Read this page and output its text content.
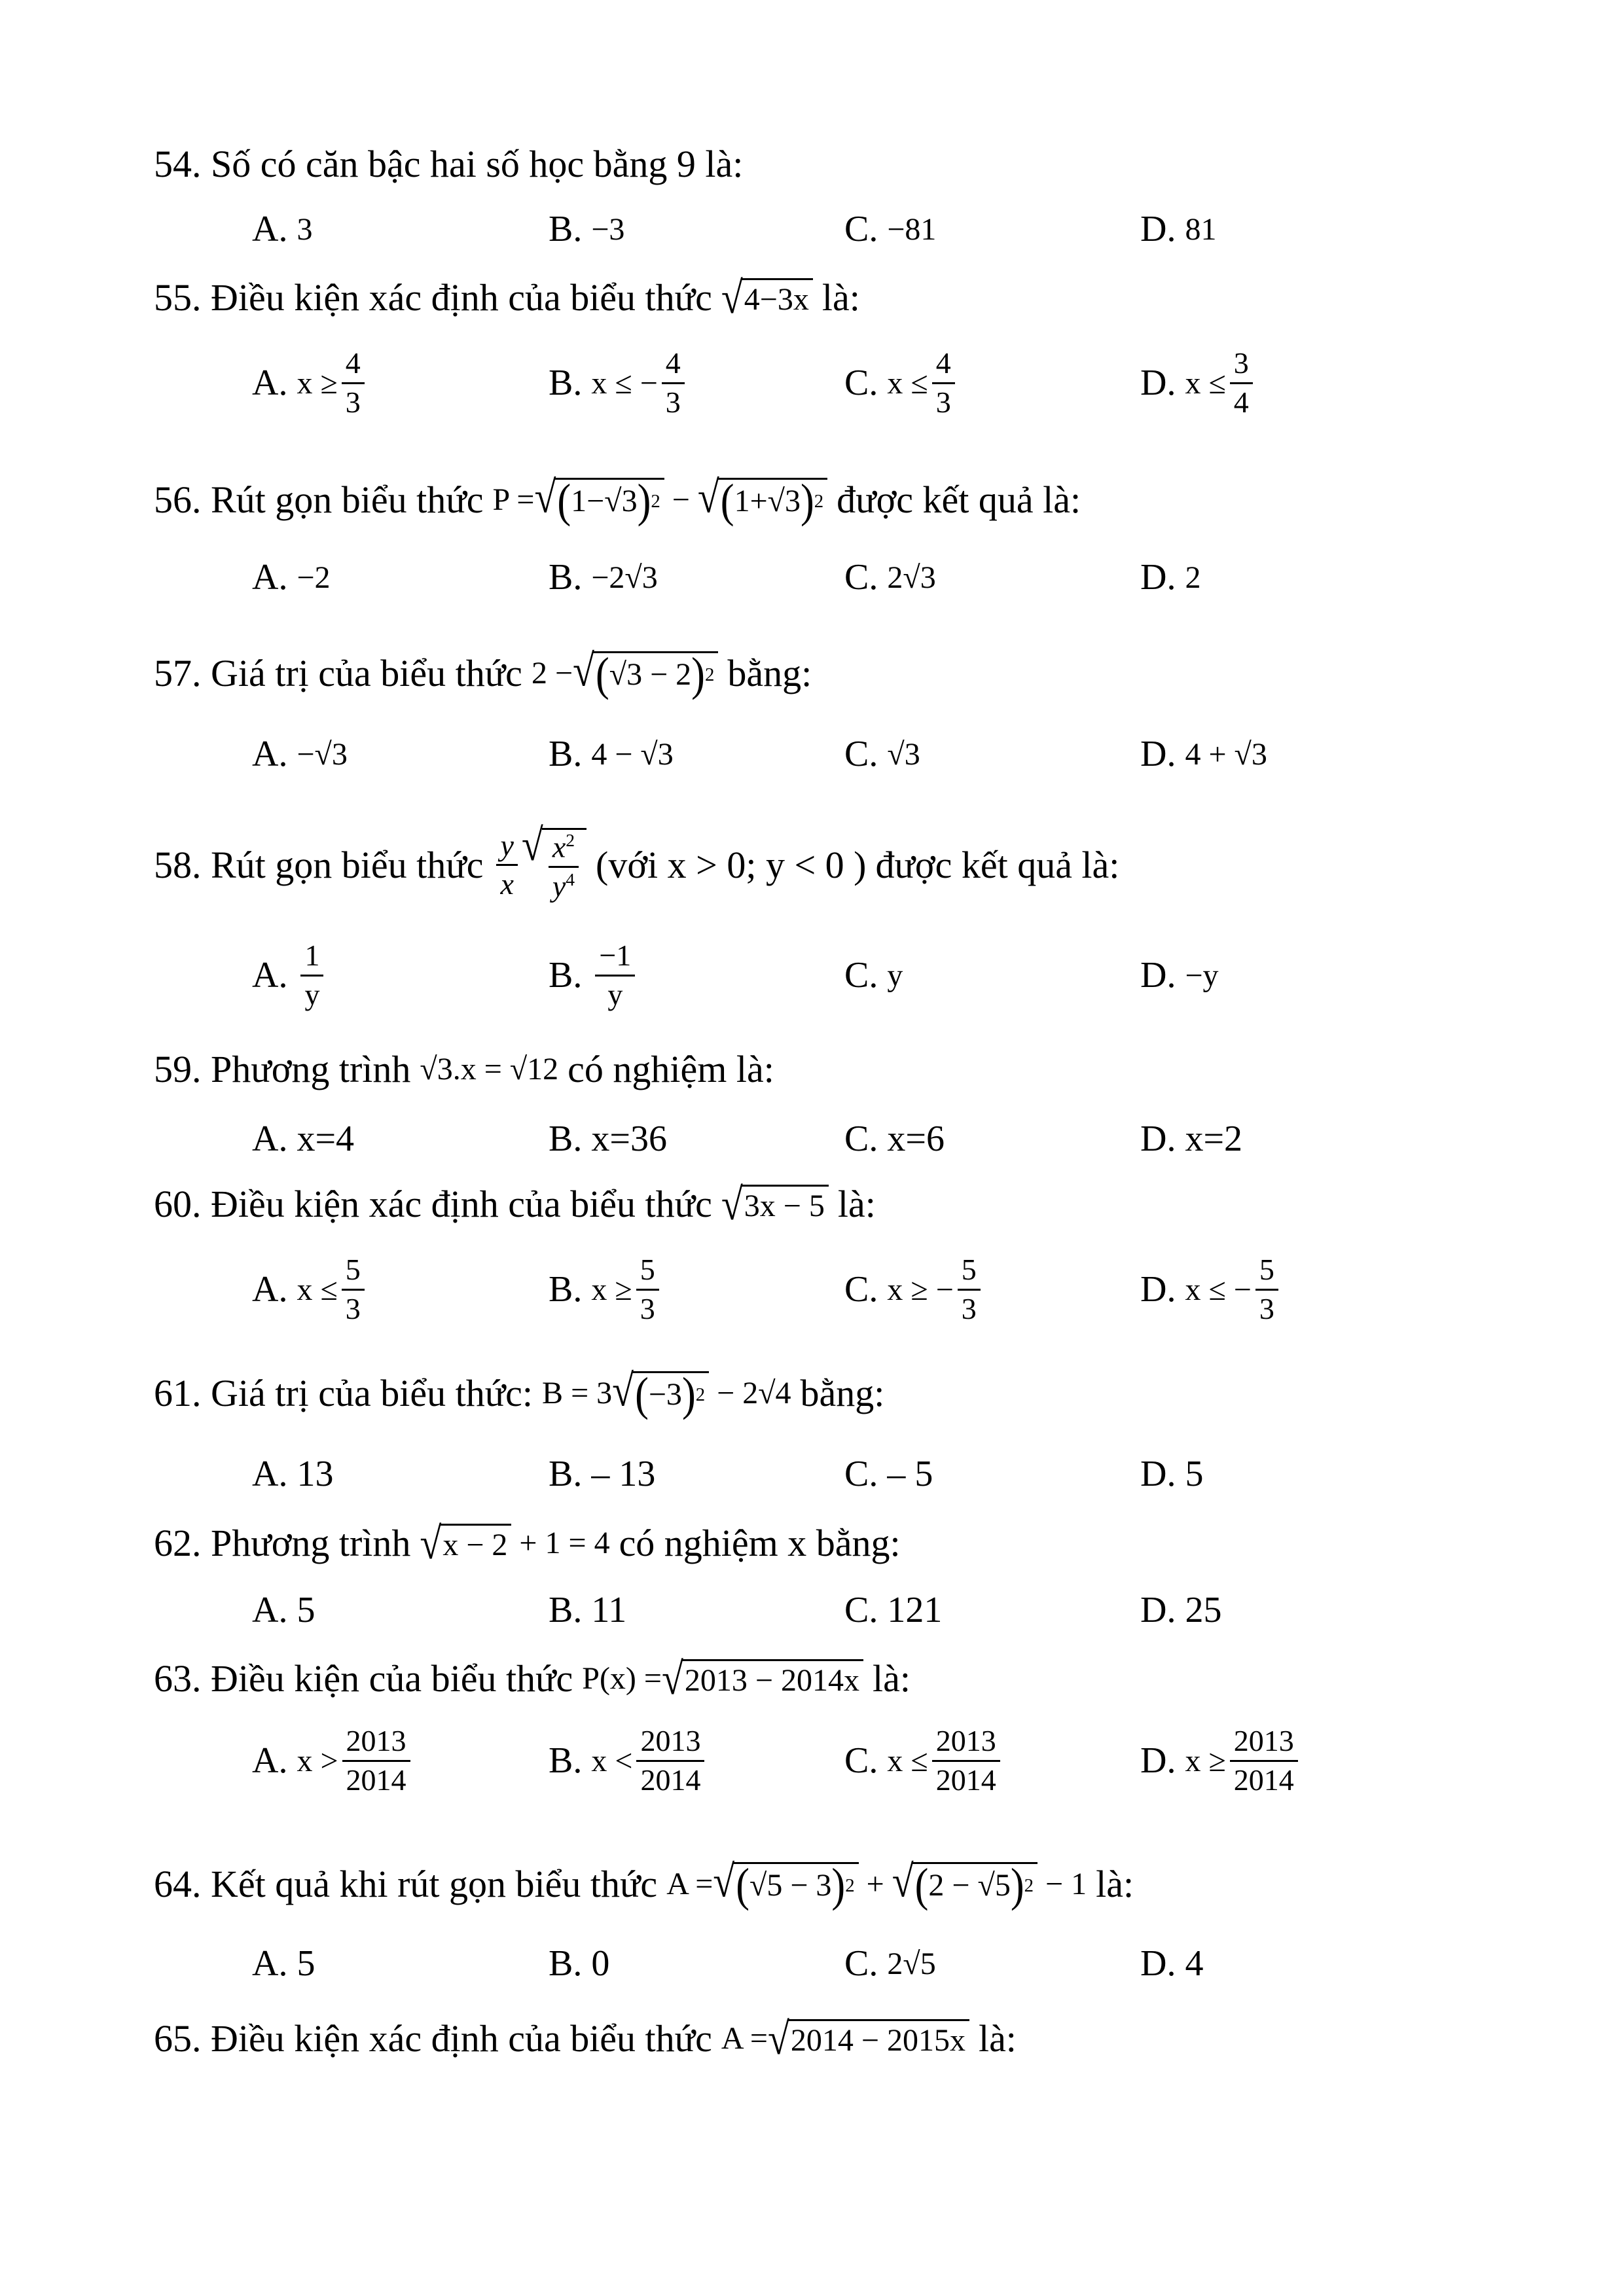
54. Số có căn bậc hai số học bằng 9 là:
A. 3	B. −3	C. −81	D. 81
55. Điều kiện xác định của biểu thức √ 4−3x là:
A. $x \ge \frac{4}{3}$	B. x ≤ − $\frac{4}{3}$	C. $x \le \frac{4}{3}$	D. $x \le \frac{3}{4}$
56. Rút gọn biểu thức P = √ ( 1−√3 ) 2 − √ ( 1+√3 ) 2 được kết quả là:
A. −2	B. −2√3	C. 2√3	D. 2
57. Giá trị của biểu thức 2 − √ ( √3 − 2 ) 2 bằng:
A. −√3	B. 4 − √3	C. √3	D. 4 + √3
58. Rút gọn biểu thức $\frac{y}{x}$ √ $\frac{x^2}{y^4}$ (với x > 0; y < 0 ) được kết quả là:
A. $\frac{1}{y}$	B. $\frac{-1}{y}$	C. y	D. −y
59. Phương trình √3.x = √12 có nghiệm là:
A. x=4	B. x=36	C. x=6	D. x=2
60. Điều kiện xác định của biểu thức √ 3x − 5 là:
A. $x \le \frac{5}{3}$	B. $x \ge \frac{5}{3}$	C. x ≥ − $\frac{5}{3}$	D. x ≤ − $\frac{5}{3}$
61. Giá trị của biểu thức: B = 3 √ ( −3 ) 2
− 2√4 bằng:
A. 13	B. – 13	C. – 5	D. 5
62. Phương trình √ x − 2
+ 1 = 4 có nghiệm x bằng:
A. 5	B. 11	C. 121	D. 25
63. Điều kiện của biểu thức P(x) = √ 2013 − 2014x là:
A. $x > \frac{2013}{2014}$	B. $x < \frac{2013}{2014}$	C. $x \le \frac{2013}{2014}$	D. $x \ge \frac{2013}{2014}$
64. Kết quả khi rút gọn biểu thức A = √ ( √5 − 3 ) 2 + √ ( 2 − √5 ) 2
− 1 là:
A. 5	B. 0	C. 2√5	D. 4
65. Điều kiện xác định của biểu thức A = √ 2014 − 2015x là:
